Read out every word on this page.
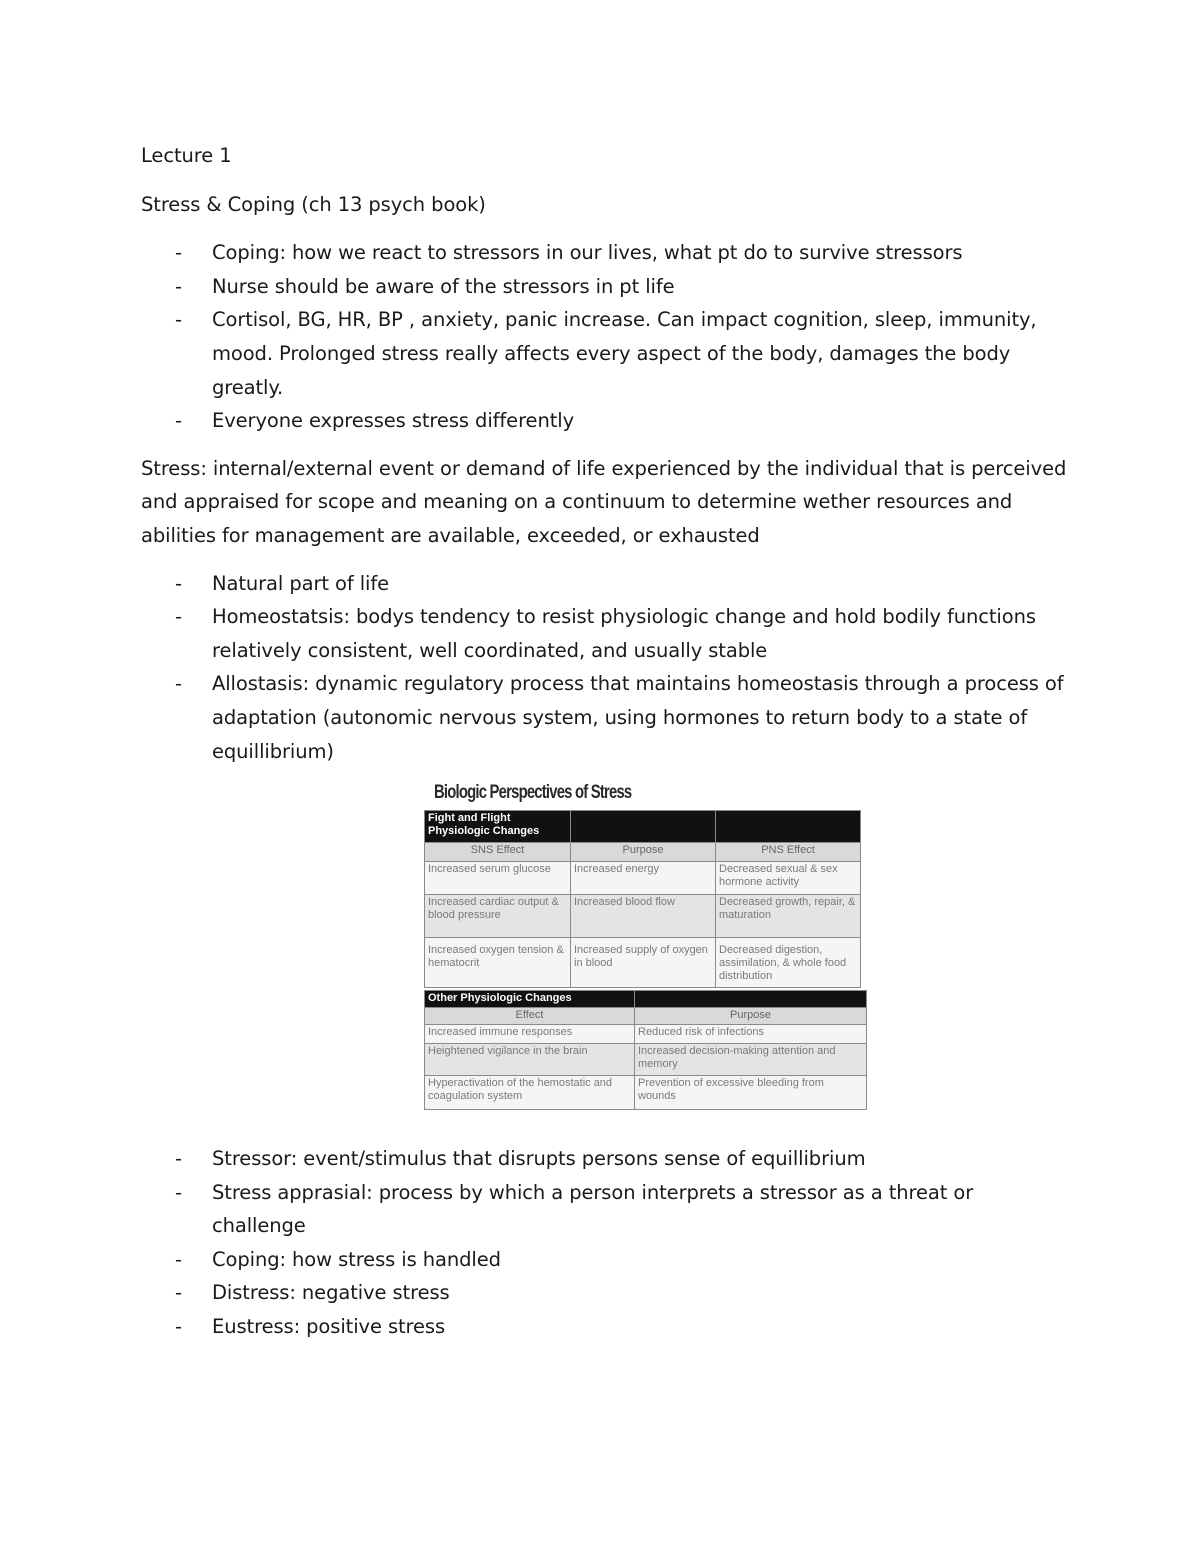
Lecture 1

Stress & Coping (ch 13 psych book)

- Coping: how we react to stressors in our lives, what pt do to survive stressors
- Nurse should be aware of the stressors in pt life
- Cortisol, BG, HR, BP , anxiety, panic increase. Can impact cognition, sleep, immunity, mood. Prolonged stress really affects every aspect of the body, damages the body greatly.
- Everyone expresses stress differently

Stress: internal/external event or demand of life experienced by the individual that is perceived and appraised for scope and meaning on a continuum to determine wether resources and abilities for management are available, exceeded, or exhausted

- Natural part of life
- Homeostatsis: bodys tendency to resist physiologic change and hold bodily functions relatively consistent, well coordinated, and usually stable
- Allostasis: dynamic regulatory process that maintains homeostasis through a process of adaptation (autonomic nervous system, using hormones to return body to a state of equillibrium)
Biologic Perspectives of Stress
Fight and Flight Physiologic Changes		
SNS Effect	Purpose	PNS Effect
Increased serum glucose	Increased energy	Decreased sexual & sex hormone activity
Increased cardiac output & blood pressure	Increased blood flow	Decreased growth, repair, & maturation
Increased oxygen tension & hematocrit	Increased supply of oxygen in blood	Decreased digestion, assimilation, & whole food distribution
Other Physiologic Changes	
Effect	Purpose
Increased immune responses	Reduced risk of infections
Heightened vigilance in the brain	Increased decision-making attention and memory
Hyperactivation of the hemostatic and coagulation system	Prevention of excessive bleeding from wounds
- Stressor: event/stimulus that disrupts persons sense of equillibrium
- Stress apprasial: process by which a person interprets a stressor as a threat or challenge
- Coping: how stress is handled
- Distress: negative stress
- Eustress: positive stress
